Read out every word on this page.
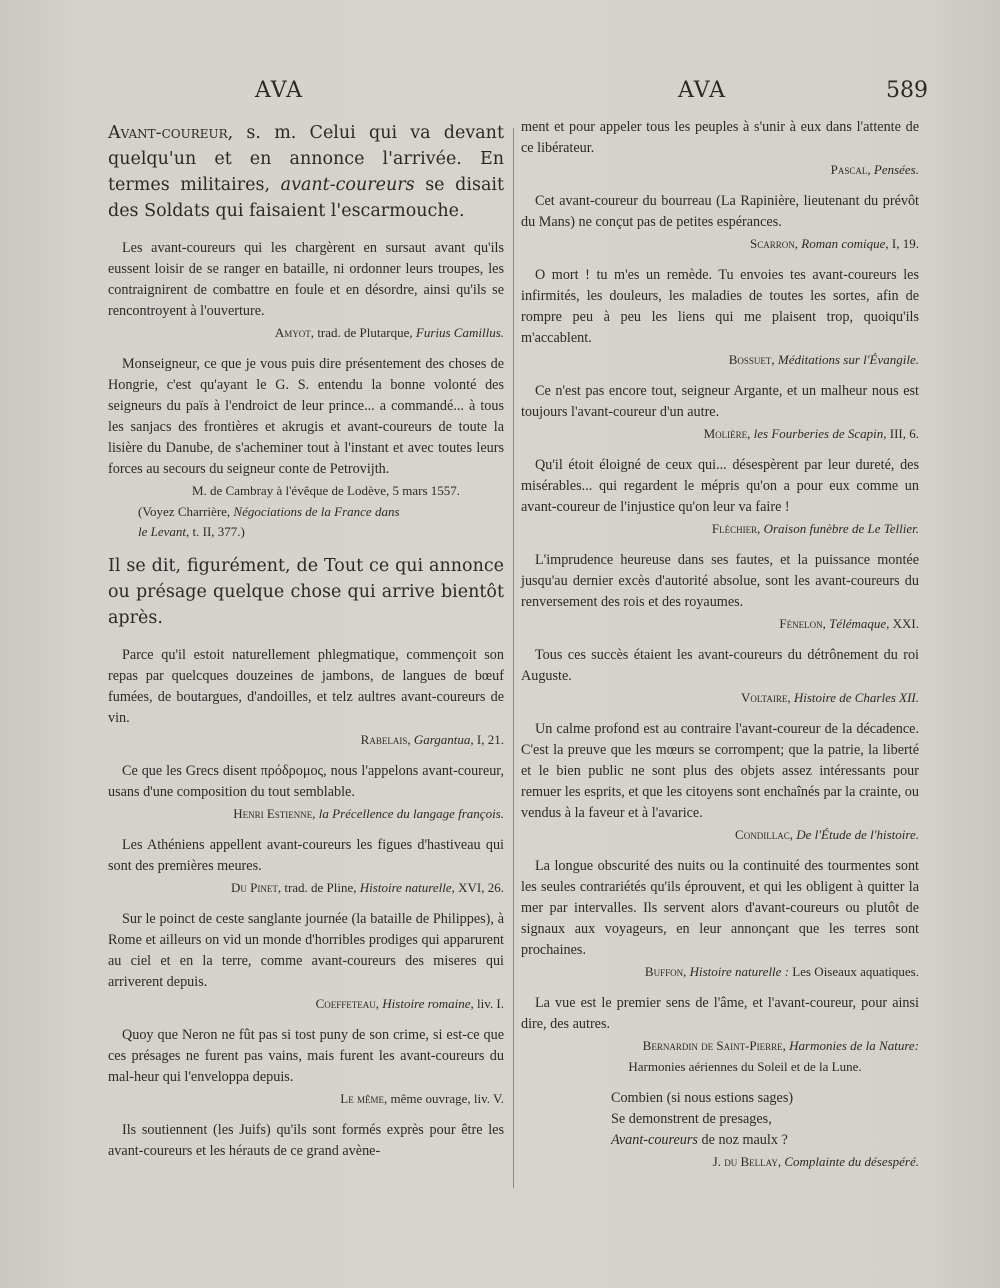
AVA	AVA	589

Avant-coureur, s. m. Celui qui va devant quelqu'un et en annonce l'arrivée. En termes militaires, avant-coureurs se disait des Soldats qui faisaient l'escarmouche.

Les avant-coureurs qui les chargèrent en sursaut avant qu'ils eussent loisir de se ranger en bataille, ni ordonner leurs troupes, les contraignirent de combattre en foule et en désordre, ainsi qu'ils se rencontroyent à l'ouverture.

Amyot, trad. de Plutarque, Furius Camillus.

Monseigneur, ce que je vous puis dire présentement des choses de Hongrie, c'est qu'ayant le G. S. entendu la bonne volonté des seigneurs du païs à l'endroict de leur prince... a commandé... à tous les sanjacs des frontières et akrugis et avant-coureurs de toute la lisière du Danube, de s'acheminer tout à l'instant et avec toutes leurs forces au secours du seigneur conte de Petrovijth.

M. de Cambray à l'évêque de Lodève, 5 mars 1557.

(Voyez Charrière, Négociations de la France dans
le Levant, t. II, 377.)

Il se dit, figurément, de Tout ce qui annonce ou présage quelque chose qui arrive bientôt après.

Parce qu'il estoit naturellement phlegmatique, commençoit son repas par quelcques douzeines de jambons, de langues de bœuf fumées, de boutargues, d'andoilles, et telz aultres avant-coureurs de vin.

Rabelais, Gargantua, I, 21.

Ce que les Grecs disent πρόδρομος, nous l'appelons avant-coureur, usans d'une composition du tout semblable.

Henri Estienne, la Précellence du langage françois.

Les Athéniens appellent avant-coureurs les figues d'hastiveau qui sont des premières meures.

Du Pinet, trad. de Pline, Histoire naturelle, XVI, 26.

Sur le poinct de ceste sanglante journée (la bataille de Philippes), à Rome et ailleurs on vid un monde d'horribles prodiges qui apparurent au ciel et en la terre, comme avant-coureurs des miseres qui arriverent depuis.

Coeffeteau, Histoire romaine, liv. I.

Quoy que Neron ne fût pas si tost puny de son crime, si est-ce que ces présages ne furent pas vains, mais furent les avant-coureurs du mal-heur qui l'enveloppa depuis.

Le même, même ouvrage, liv. V.

Ils soutiennent (les Juifs) qu'ils sont formés exprès pour être les avant-coureurs et les hérauts de ce grand avène-

ment et pour appeler tous les peuples à s'unir à eux dans l'attente de ce libérateur.

Pascal, Pensées.

Cet avant-coureur du bourreau (La Rapinière, lieutenant du prévôt du Mans) ne conçut pas de petites espérances.

Scarron, Roman comique, I, 19.

O mort ! tu m'es un remède. Tu envoies tes avant-coureurs les infirmités, les douleurs, les maladies de toutes les sortes, afin de rompre peu à peu les liens qui me plaisent trop, quoiqu'ils m'accablent.

Bossuet, Méditations sur l'Évangile.

Ce n'est pas encore tout, seigneur Argante, et un malheur nous est toujours l'avant-coureur d'un autre.

Molière, les Fourberies de Scapin, III, 6.

Qu'il étoit éloigné de ceux qui... désespèrent par leur dureté, des misérables... qui regardent le mépris qu'on a pour eux comme un avant-coureur de l'injustice qu'on leur va faire !

Fléchier, Oraison funèbre de Le Tellier.

L'imprudence heureuse dans ses fautes, et la puissance montée jusqu'au dernier excès d'autorité absolue, sont les avant-coureurs du renversement des rois et des royaumes.

Fénelon, Télémaque, XXI.

Tous ces succès étaient les avant-coureurs du détrônement du roi Auguste.

Voltaire, Histoire de Charles XII.

Un calme profond est au contraire l'avant-coureur de la décadence. C'est la preuve que les mœurs se corrompent; que la patrie, la liberté et le bien public ne sont plus des objets assez intéressants pour remuer les esprits, et que les citoyens sont enchaînés par la crainte, ou vendus à la faveur et à l'avarice.

Condillac, De l'Étude de l'histoire.

La longue obscurité des nuits ou la continuité des tourmentes sont les seules contrariétés qu'ils éprouvent, et qui les obligent à quitter la mer par intervalles. Ils servent alors d'avant-coureurs ou plutôt de signaux aux voyageurs, en leur annonçant que les terres sont prochaines.

Buffon, Histoire naturelle : Les Oiseaux aquatiques.

La vue est le premier sens de l'âme, et l'avant-coureur, pour ainsi dire, des autres.

Bernardin de Saint-Pierre, Harmonies de la Nature:

Harmonies aériennes du Soleil et de la Lune.

Combien (si nous estions sages)
Se demonstrent de presages,
Avant-coureurs de noz maulx ?

J. du Bellay, Complainte du désespéré.
